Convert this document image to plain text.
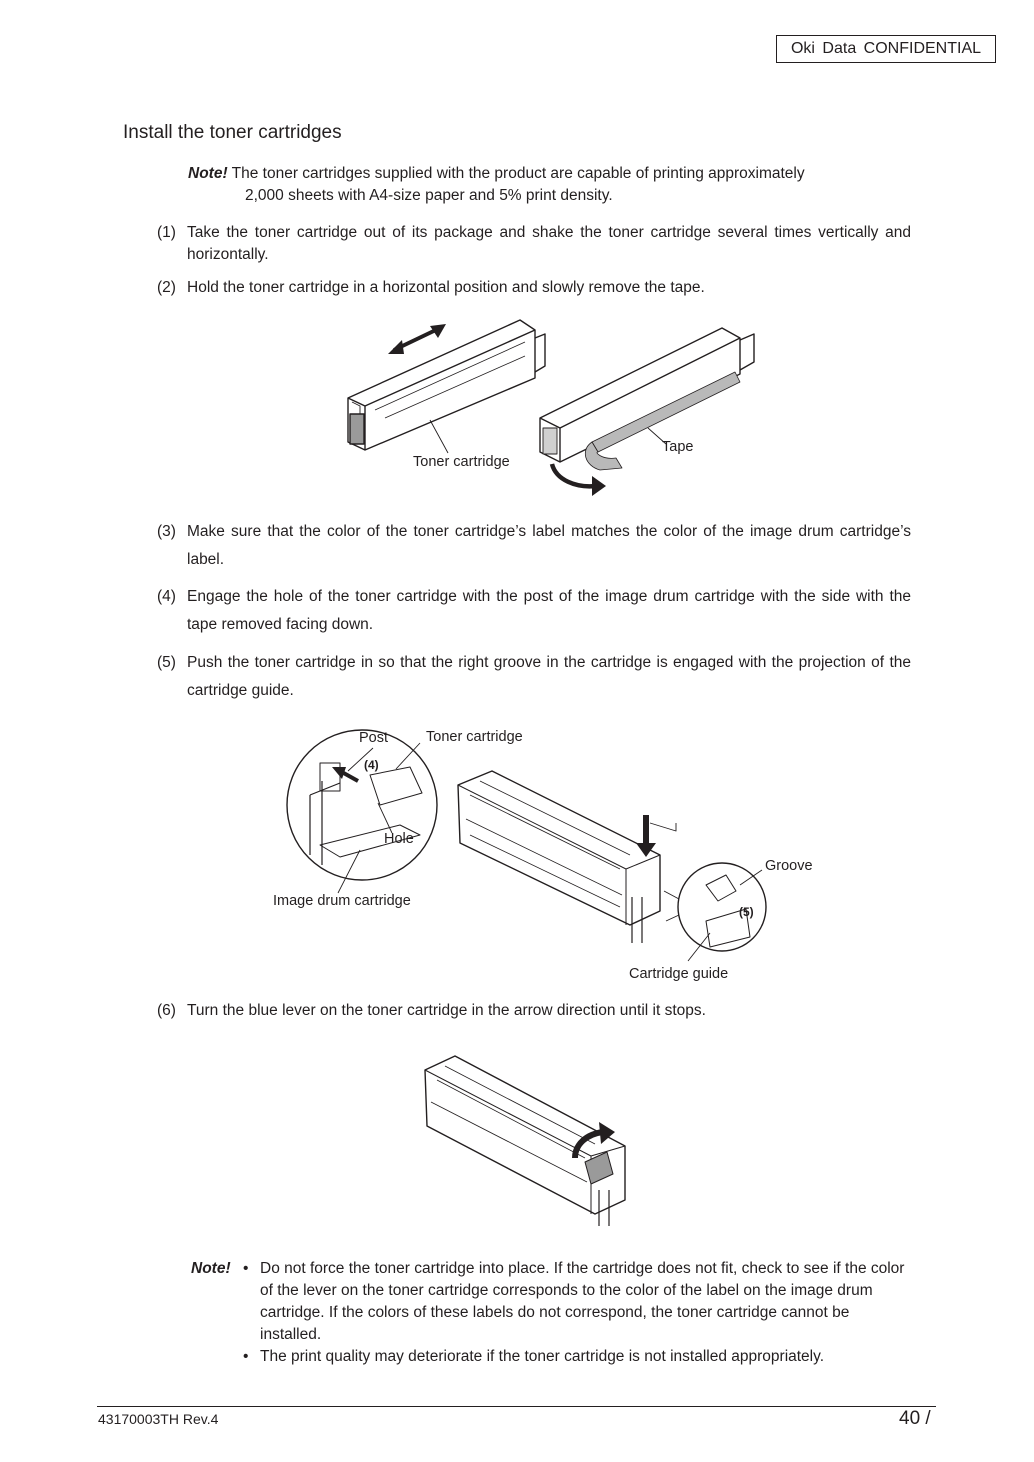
Oki Data CONFIDENTIAL
Install the toner cartridges
Note! The toner cartridges supplied with the product are capable of printing approximately
2,000 sheets with A4-size paper and 5% print density.
(1) Take the toner cartridge out of its package and shake the toner cartridge several times vertically and horizontally.
(2) Hold the toner cartridge in a horizontal position and slowly remove the tape.
Toner cartridge
Tape
(3) Make sure that the color of the toner cartridge’s label matches the color of the image drum cartridge’s label.
(4) Engage the hole of the toner cartridge with the post of the image drum cartridge with the side with the tape removed facing down.
(5) Push the toner cartridge in so that the right groove in the cartridge is engaged with the projection of the cartridge guide.
Post	Toner cartridge
(4)
Hole
Image drum cartridge
Groove
(5)
Cartridge guide
(6) Turn the blue lever on the toner cartridge in the arrow direction until it stops.
Note! • Do not force the toner cartridge into place. If the cartridge does not fit, check to see if the color of the lever on the toner cartridge corresponds to the color of the label on the image drum cartridge. If the colors of these labels do not correspond, the toner cartridge cannot be installed.
• The print quality may deteriorate if the toner cartridge is not installed appropriately.
43170003TH Rev.4	40 /
